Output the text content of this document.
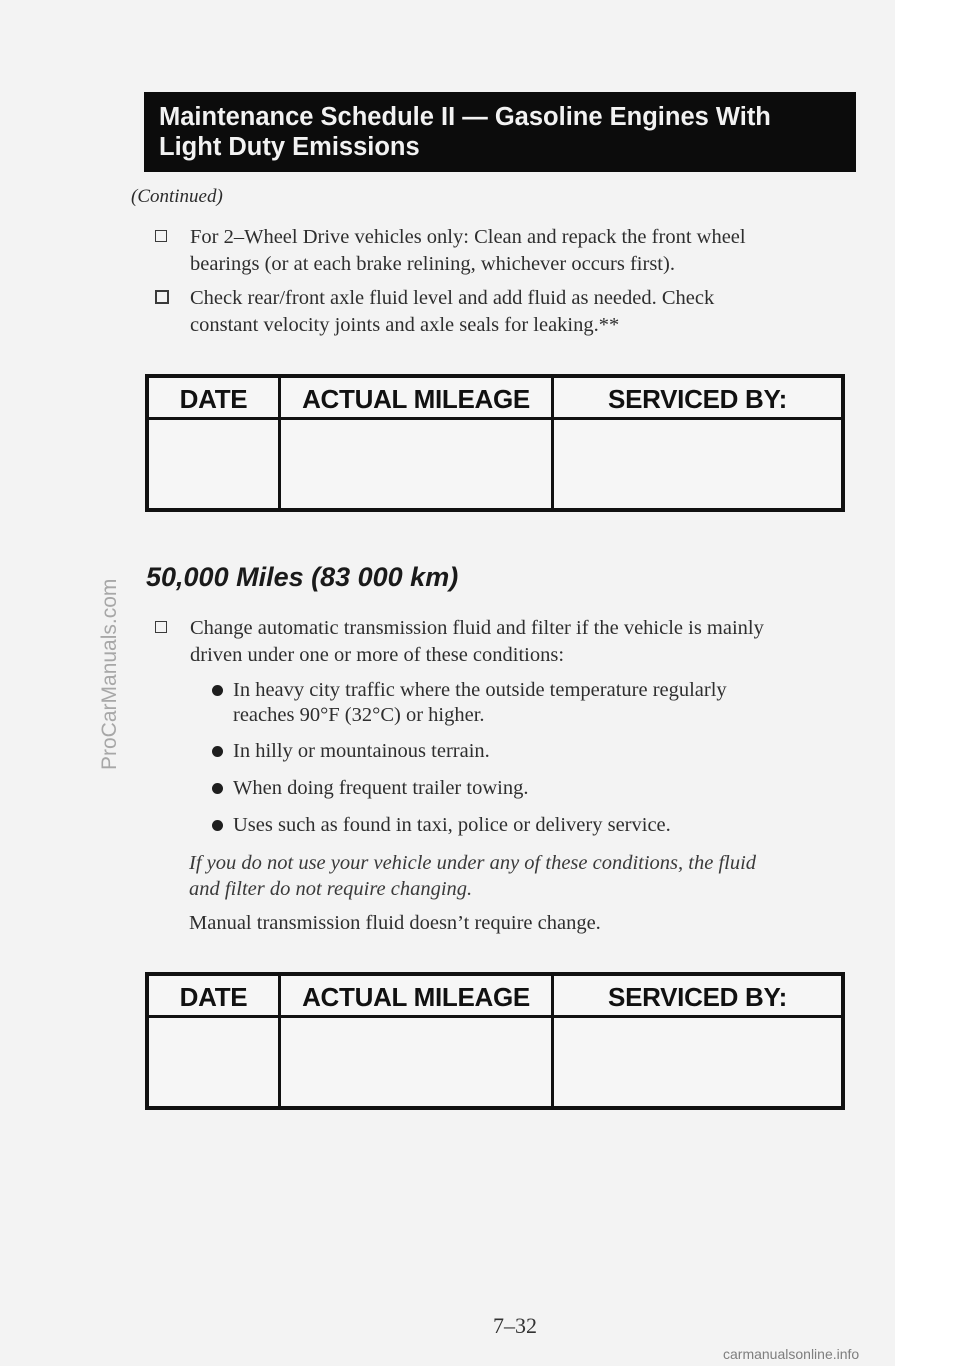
Maintenance Schedule II — Gasoline Engines With
Light Duty Emissions
(Continued)
For 2–Wheel Drive vehicles only: Clean and repack the front wheel
bearings (or at each brake relining, whichever occurs first).
Check rear/front axle fluid level and add fluid as needed. Check
constant velocity joints and axle seals for leaking.**
DATE	ACTUAL MILEAGE	SERVICED BY:
50,000 Miles (83 000 km)
Change automatic transmission fluid and filter if the vehicle is mainly
driven under one or more of these conditions:
In heavy city traffic where the outside temperature regularly
reaches 90°F (32°C) or higher.
In hilly or mountainous terrain.
When doing frequent trailer towing.
Uses such as found in taxi, police or delivery service.
If you do not use your vehicle under any of these conditions, the fluid
and filter do not require changing.
Manual transmission fluid doesn’t require change.
DATE	ACTUAL MILEAGE	SERVICED BY:
7–32
ProCarManuals.com
carmanualsonline.info
